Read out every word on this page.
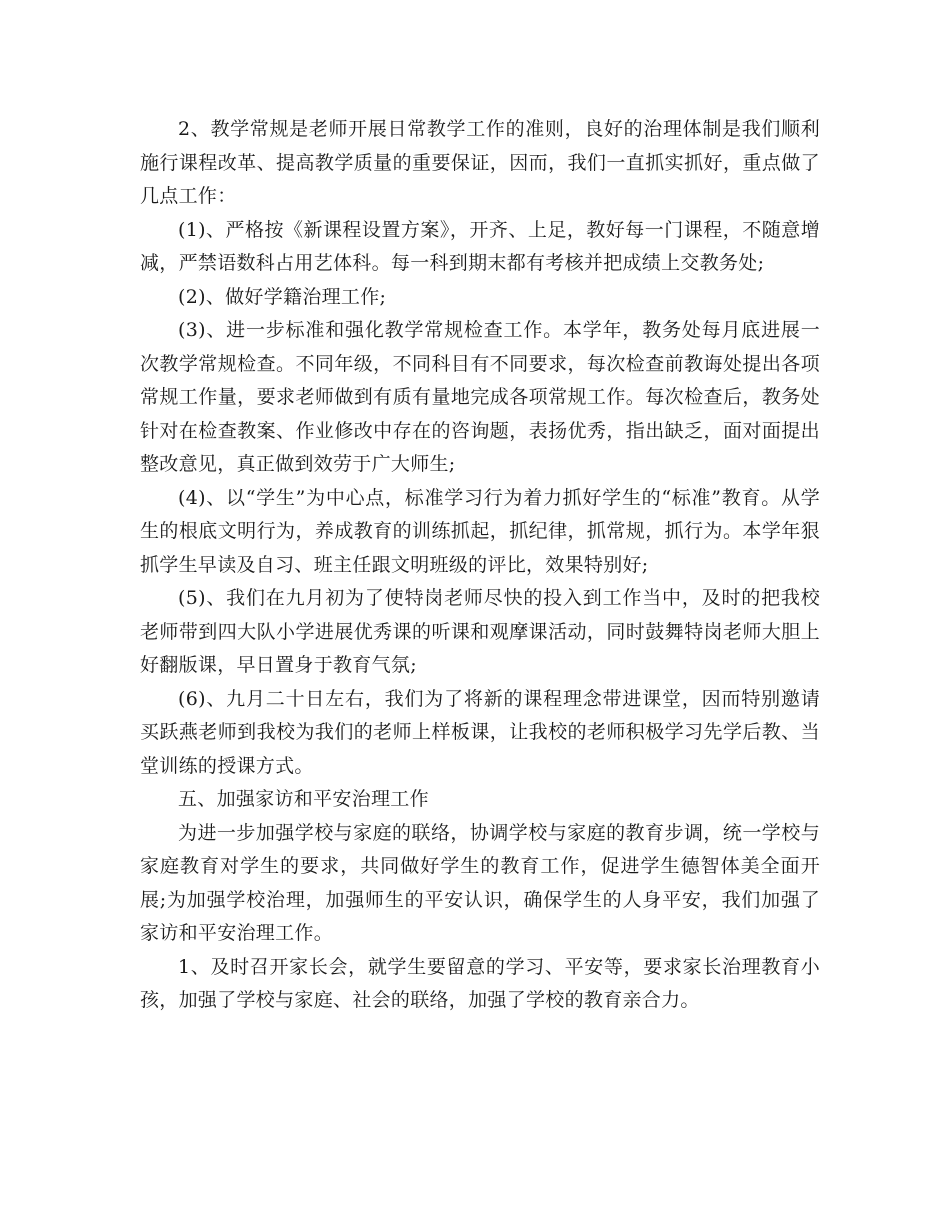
2、教学常规是老师开展日常教学工作的准则，良好的治理体制是我们顺利施行课程改革、提高教学质量的重要保证，因而，我们一直抓实抓好，重点做了几点工作：

(1)、严格按《新课程设置方案》，开齐、上足，教好每一门课程，不随意增减，严禁语数科占用艺体科。每一科到期末都有考核并把成绩上交教务处;

(2)、做好学籍治理工作;

(3)、进一步标准和强化教学常规检查工作。本学年，教务处每月底进展一次教学常规检查。不同年级，不同科目有不同要求，每次检查前教诲处提出各项常规工作量，要求老师做到有质有量地完成各项常规工作。每次检查后，教务处针对在检查教案、作业修改中存在的咨询题，表扬优秀，指出缺乏，面对面提出整改意见，真正做到效劳于广大师生;

(4)、以“学生”为中心点，标准学习行为着力抓好学生的“标准”教育。从学生的根底文明行为，养成教育的训练抓起，抓纪律，抓常规，抓行为。本学年狠抓学生早读及自习、班主任跟文明班级的评比，效果特别好;

(5)、我们在九月初为了使特岗老师尽快的投入到工作当中，及时的把我校老师带到四大队小学进展优秀课的听课和观摩课活动，同时鼓舞特岗老师大胆上好翻版课，早日置身于教育气氛;

(6)、九月二十日左右，我们为了将新的课程理念带进课堂，因而特别邀请买跃燕老师到我校为我们的老师上样板课，让我校的老师积极学习先学后教、当堂训练的授课方式。

五、加强家访和平安治理工作

为进一步加强学校与家庭的联络，协调学校与家庭的教育步调，统一学校与家庭教育对学生的要求，共同做好学生的教育工作，促进学生德智体美全面开展;为加强学校治理，加强师生的平安认识，确保学生的人身平安，我们加强了家访和平安治理工作。

1、及时召开家长会，就学生要留意的学习、平安等，要求家长治理教育小孩，加强了学校与家庭、社会的联络，加强了学校的教育亲合力。
